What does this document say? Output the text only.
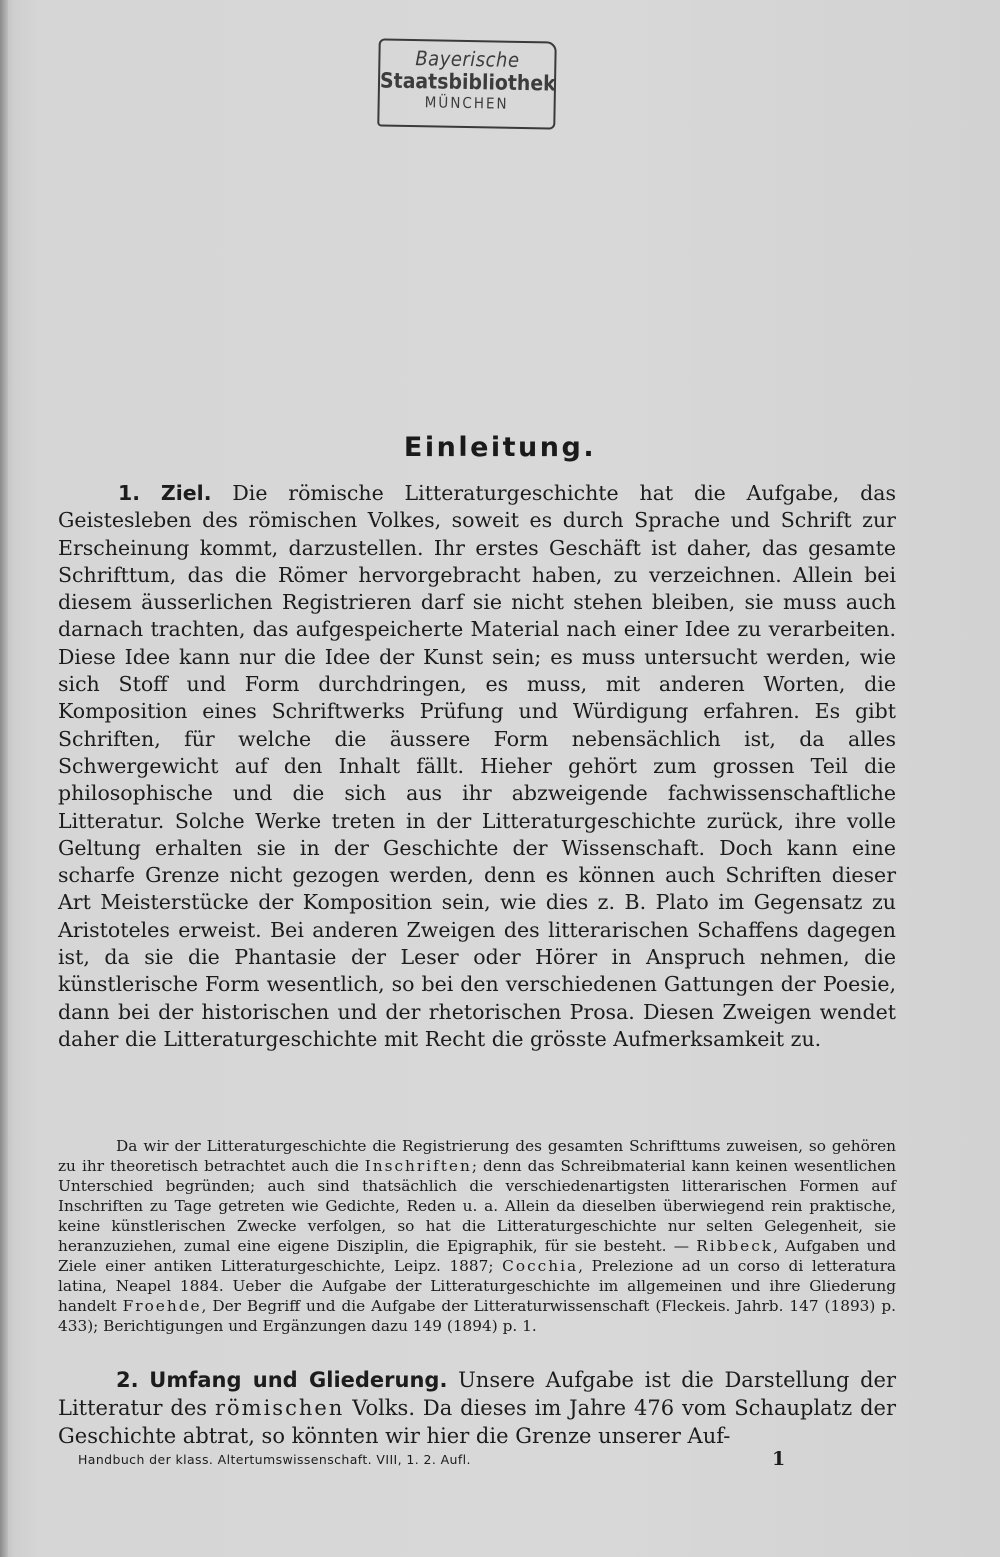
Bayerische
Staatsbibliothek
MÜNCHEN
Einleitung.

1. Ziel. Die römische Litteraturgeschichte hat die Aufgabe, das Geistesleben des römischen Volkes, soweit es durch Sprache und Schrift zur Erscheinung kommt, darzustellen. Ihr erstes Geschäft ist daher, das gesamte Schrifttum, das die Römer hervorgebracht haben, zu verzeichnen. Allein bei diesem äusserlichen Registrieren darf sie nicht stehen bleiben, sie muss auch darnach trachten, das aufgespeicherte Material nach einer Idee zu verarbeiten. Diese Idee kann nur die Idee der Kunst sein; es muss untersucht werden, wie sich Stoff und Form durchdringen, es muss, mit anderen Worten, die Komposition eines Schriftwerks Prüfung und Würdigung erfahren. Es gibt Schriften, für welche die äussere Form nebensächlich ist, da alles Schwergewicht auf den Inhalt fällt. Hieher gehört zum grossen Teil die philosophische und die sich aus ihr abzweigende fachwissenschaftliche Litteratur. Solche Werke treten in der Litteraturgeschichte zurück, ihre volle Geltung erhalten sie in der Geschichte der Wissenschaft. Doch kann eine scharfe Grenze nicht gezogen werden, denn es können auch Schriften dieser Art Meisterstücke der Komposition sein, wie dies z. B. Plato im Gegensatz zu Aristoteles erweist. Bei anderen Zweigen des litterarischen Schaffens dagegen ist, da sie die Phantasie der Leser oder Hörer in Anspruch nehmen, die künstlerische Form wesentlich, so bei den verschiedenen Gattungen der Poesie, dann bei der historischen und der rhetorischen Prosa. Diesen Zweigen wendet daher die Litteraturgeschichte mit Recht die grösste Aufmerksamkeit zu.

Da wir der Litteraturgeschichte die Registrierung des gesamten Schrifttums zuweisen, so gehören zu ihr theoretisch betrachtet auch die Inschriften; denn das Schreibmaterial kann keinen wesentlichen Unterschied begründen; auch sind thatsächlich die verschiedenartigsten litterarischen Formen auf Inschriften zu Tage getreten wie Gedichte, Reden u. a. Allein da dieselben überwiegend rein praktische, keine künstlerischen Zwecke verfolgen, so hat die Litteraturgeschichte nur selten Gelegenheit, sie heranzuziehen, zumal eine eigene Disziplin, die Epigraphik, für sie besteht. — Ribbeck, Aufgaben und Ziele einer antiken Litteraturgeschichte, Leipz. 1887; Cocchia, Prelezione ad un corso di letteratura latina, Neapel 1884. Ueber die Aufgabe der Litteraturgeschichte im allgemeinen und ihre Gliederung handelt Froehde, Der Begriff und die Aufgabe der Litteraturwissenschaft (Fleckeis. Jahrb. 147 (1893) p. 433); Berichtigungen und Ergänzungen dazu 149 (1894) p. 1.

2. Umfang und Gliederung. Unsere Aufgabe ist die Darstellung der Litteratur des römischen Volks. Da dieses im Jahre 476 vom Schauplatz der Geschichte abtrat, so könnten wir hier die Grenze unserer Auf-

Handbuch der klass. Altertumswissenschaft. VIII, 1. 2. Aufl.	1
